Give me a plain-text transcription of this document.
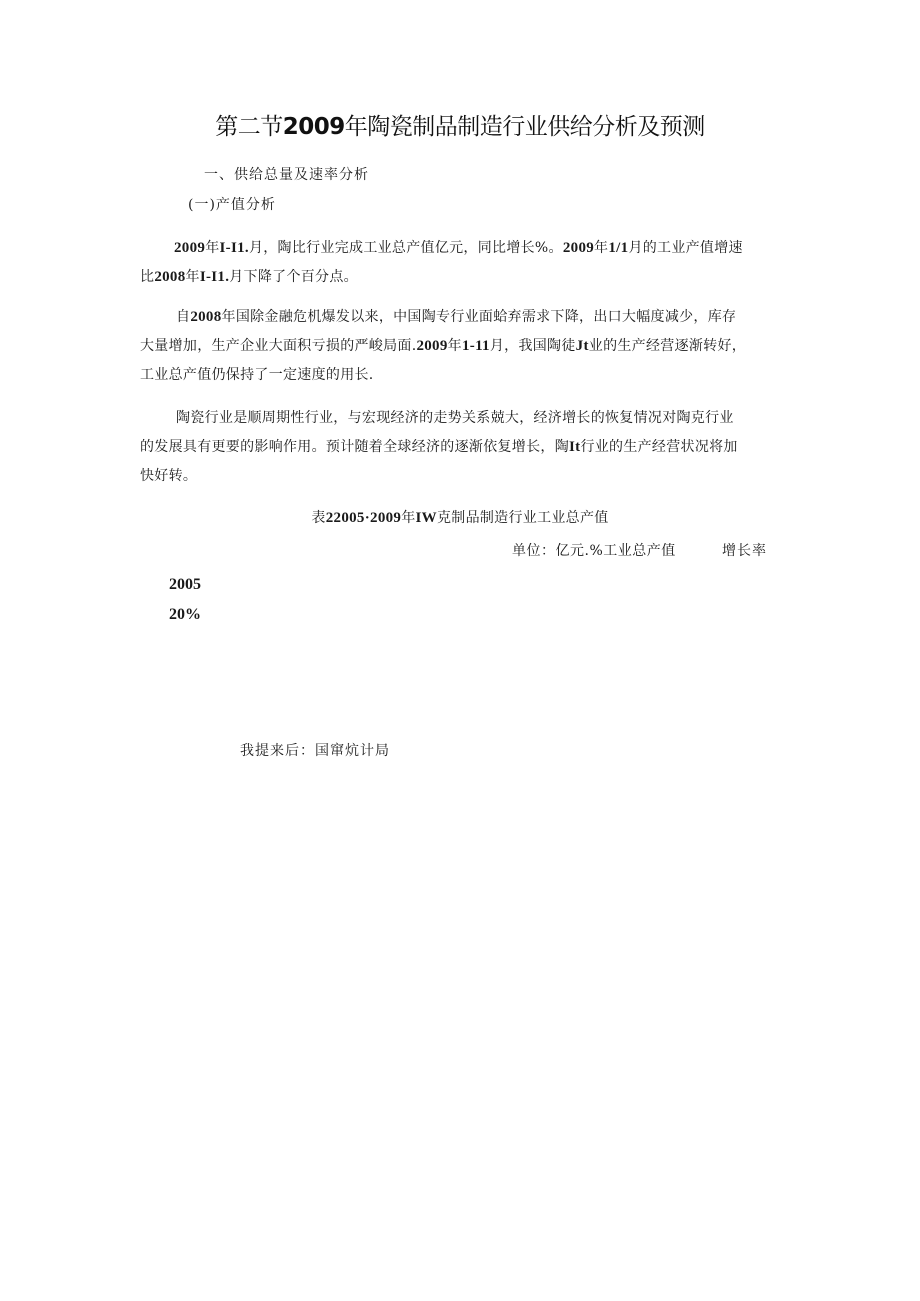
第二节2009年陶瓷制品制造行业供给分析及预测
一、供给总量及速率分析
(一)产值分析
2009年I-I1.月，陶比行业完成工业总产值亿元，同比增长%。2009年1/1月的工业产值增速
比2008年I-I1.月下降了个百分点。
自2008年国除金融危机爆发以来，中国陶专行业面蛤弃需求下降，出口大幅度减少，库存
大量增加，生产企业大面积亏损的严峻局面.2009年1-11月，我国陶徒Jt业的生产经营逐渐转好，
工业总产值仍保持了一定速度的用长.
陶瓷行业是顺周期性行业，与宏现经济的走势关系兢大，经济增长的恢复情况对陶克行业
的发展具有更要的影响作用。预计随着全球经济的逐渐依复增长，陶It行业的生产经营状况将加
快好转。
表22005·2009年IW克制品制造行业工业总产值
单位：亿元.%工业总产值	增长率
2005
20%
我提来后：国窜炕计局
